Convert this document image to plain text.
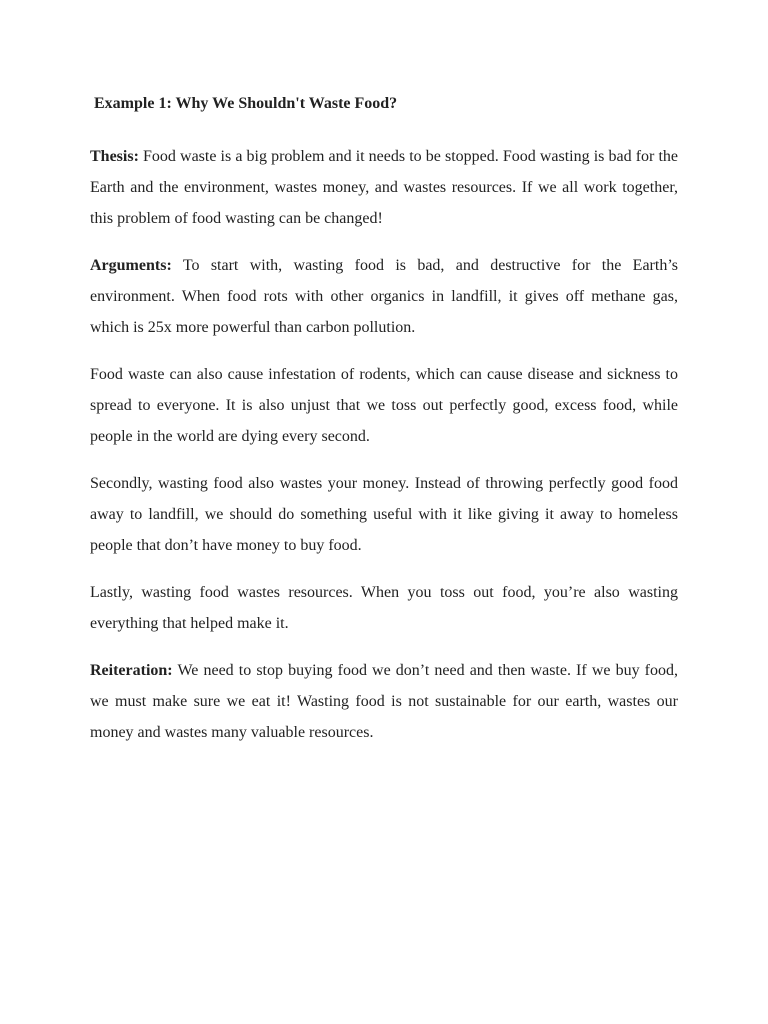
Example 1: Why We Shouldn't Waste Food?

Thesis: Food waste is a big problem and it needs to be stopped. Food wasting is bad for the Earth and the environment, wastes money, and wastes resources. If we all work together, this problem of food wasting can be changed!

Arguments: To start with, wasting food is bad, and destructive for the Earth’s environment. When food rots with other organics in landfill, it gives off methane gas, which is 25x more powerful than carbon pollution.

Food waste can also cause infestation of rodents, which can cause disease and sickness to spread to everyone. It is also unjust that we toss out perfectly good, excess food, while people in the world are dying every second.

Secondly, wasting food also wastes your money. Instead of throwing perfectly good food away to landfill, we should do something useful with it like giving it away to homeless people that don’t have money to buy food.

Lastly, wasting food wastes resources. When you toss out food, you’re also wasting everything that helped make it.

Reiteration: We need to stop buying food we don’t need and then waste. If we buy food, we must make sure we eat it! Wasting food is not sustainable for our earth, wastes our money and wastes many valuable resources.
